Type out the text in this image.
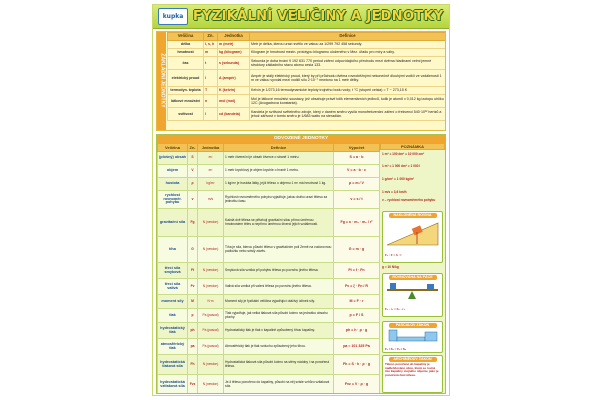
kupka FYZIKÁLNÍ VELIČINY A JEDNOTKY
ZÁKLADNÍ JEDNOTKY
Veličina	Zn.	Jednotka	Definice
délka	l, s, h	m (metr)	Metr je délka, kterou urazí světlo ve vakuu za 1/299 792 458 sekundy.
hmotnost	m	kg (kilogram)	Kilogram je hmotnost mezin. prototypu kilogramu uloženého v Mez. úřadu pro míry a váhy.
čas	t	s (sekunda)	Sekunda je doba trvání 9 192 631 770 period záření odpovídajícího přechodu mezi dvěma hladinami velmi jemné struktury základního stavu atomu cesia 133.
elektrický proud	I	A (ampér)	Ampér je stálý elektrický proud, který by při průchodu dvěma rovnoběžnými nekonečně dlouhými vodiči ve vzdálenosti 1 m ve vakuu vyvolal mezi vodiči sílu 2·10⁻⁷ newtonu na 1 metr délky.
termodyn. teplota	T	K (kelvin)	Kelvin je 1/273,16 termodynamické teploty trojného bodu vody; t °C (stupeň celsia) = T − 273,15 K
látkové množství	n	mol (mol)	Mol je látkové množství soustavy, jež obsahuje právě tolik elementárních jedinců, kolik je atomů v 0,012 kg izotopu uhlíku 12C (Avogadrova konstanta).
svítivost	I	cd (kandela)	Kandela je svítivost světelného zdroje, který v daném směru vysílá monofrekvenční záření o frekvenci 540·10¹² hertzů a jehož zářivost v tomto směru je 1/683 wattu na steradián.
ODVOZENÉ JEDNOTKY
Veličina	Zn.	Jednotka	Definice	Výpočet
(plošný) obsah	S	m²	1 metr čtvereční je obsah čtverce o straně 1 metru.	S = a · b
objem	V	m³	1 metr krychlový je objem krychle o hraně 1 metru.	V = a · b · c
hustota	ρ	kg/m³	1 kg/m³ je hustota látky, jejíž těleso o objemu 1 m³ má hmotnost 1 kg.	ρ = m / V
rychlost rovnoměr. pohybu	v	m/s	Rychlost rovnoměrného pohybu vyjadřuje, jakou dráhu urazí těleso za jednotku času.	v = s / t
gravitační síla	Fg	N (newton)	Každá dvě tělesa se přitahují gravitační silou přímo úměrnou hmotnostem těles a nepřímo úměrnou čtverci jejich vzdálenosti.	Fg = κ · m₁ · m₂ / r²
tíha	G	N (newton)	Tíha je síla, kterou působí těleso v gravitačním poli Země na vodorovnou podložku nebo svislý závěs.	G = m · g
třecí síla smyková	Ft	N (newton)	Smyková síla vzniká při pohybu tělesa po povrchu jiného tělesa.	Ft = f · Fn
třecí síla valivá	Fv	N (newton)	Valivá síla vzniká při valení tělesa po povrchu jiného tělesa.	Fv = ξ · Fn / R
moment síly	M	N·m	Moment síly je fyzikální veličina vyjadřující otáčivý účinek síly.	M = F · r
tlak	p	Pa (pascal)	Tlak vyjadřuje, jak velká tlaková síla působí kolmo na jednotku obsahu plochy.	p = F / S
hydrostatický tlak	ph	Pa (pascal)	Hydrostatický tlak je tlak v kapalině způsobený tíhou kapaliny.	ph = h · ρ · g
atmosférický tlak	pa	Pa (pascal)	Atmosférický tlak je tlak vzduchu způsobený jeho tíhou.	pa ≈ 101 325 Pa
hydrostatická tlaková síla	Fh	N (newton)	Hydrostatická tlaková síla působí kolmo na stěny nádoby i na ponořená tělesa.	Fh = S · h · ρ · g
hydrostatická vztlaková síla	Fvz	N (newton)	Je-li těleso ponořeno do kapaliny, působí na něj svisle vzhůru vztlaková síla.	Fvz = V · ρ · g
POZNÁMKA
1 m² = 100 dm² = 10 000 cm²
1 m³ = 1 000 dm³ = 1 000 l
1 g/cm³ = 1 000 kg/m³
1 m/s = 3,6 km/h
v – rychlost rovnoměrného pohybu
g ≈ 10 N/kg
NAKLONĚNÁ ROVINA
F₁ : F = h : l
ROVNOVÁHA NA PÁCE
F₁ · r₁ = F₂ · r₂
PASCALŮV ZÁKON
F₁ / S₁ = F₂ / S₂
ARCHIMÉDŮV ZÁKON
Těleso ponořené do kapaliny je nadlehčováno silou, která se rovná tíze kapaliny stejného objemu, jako je ponořená část tělesa.
